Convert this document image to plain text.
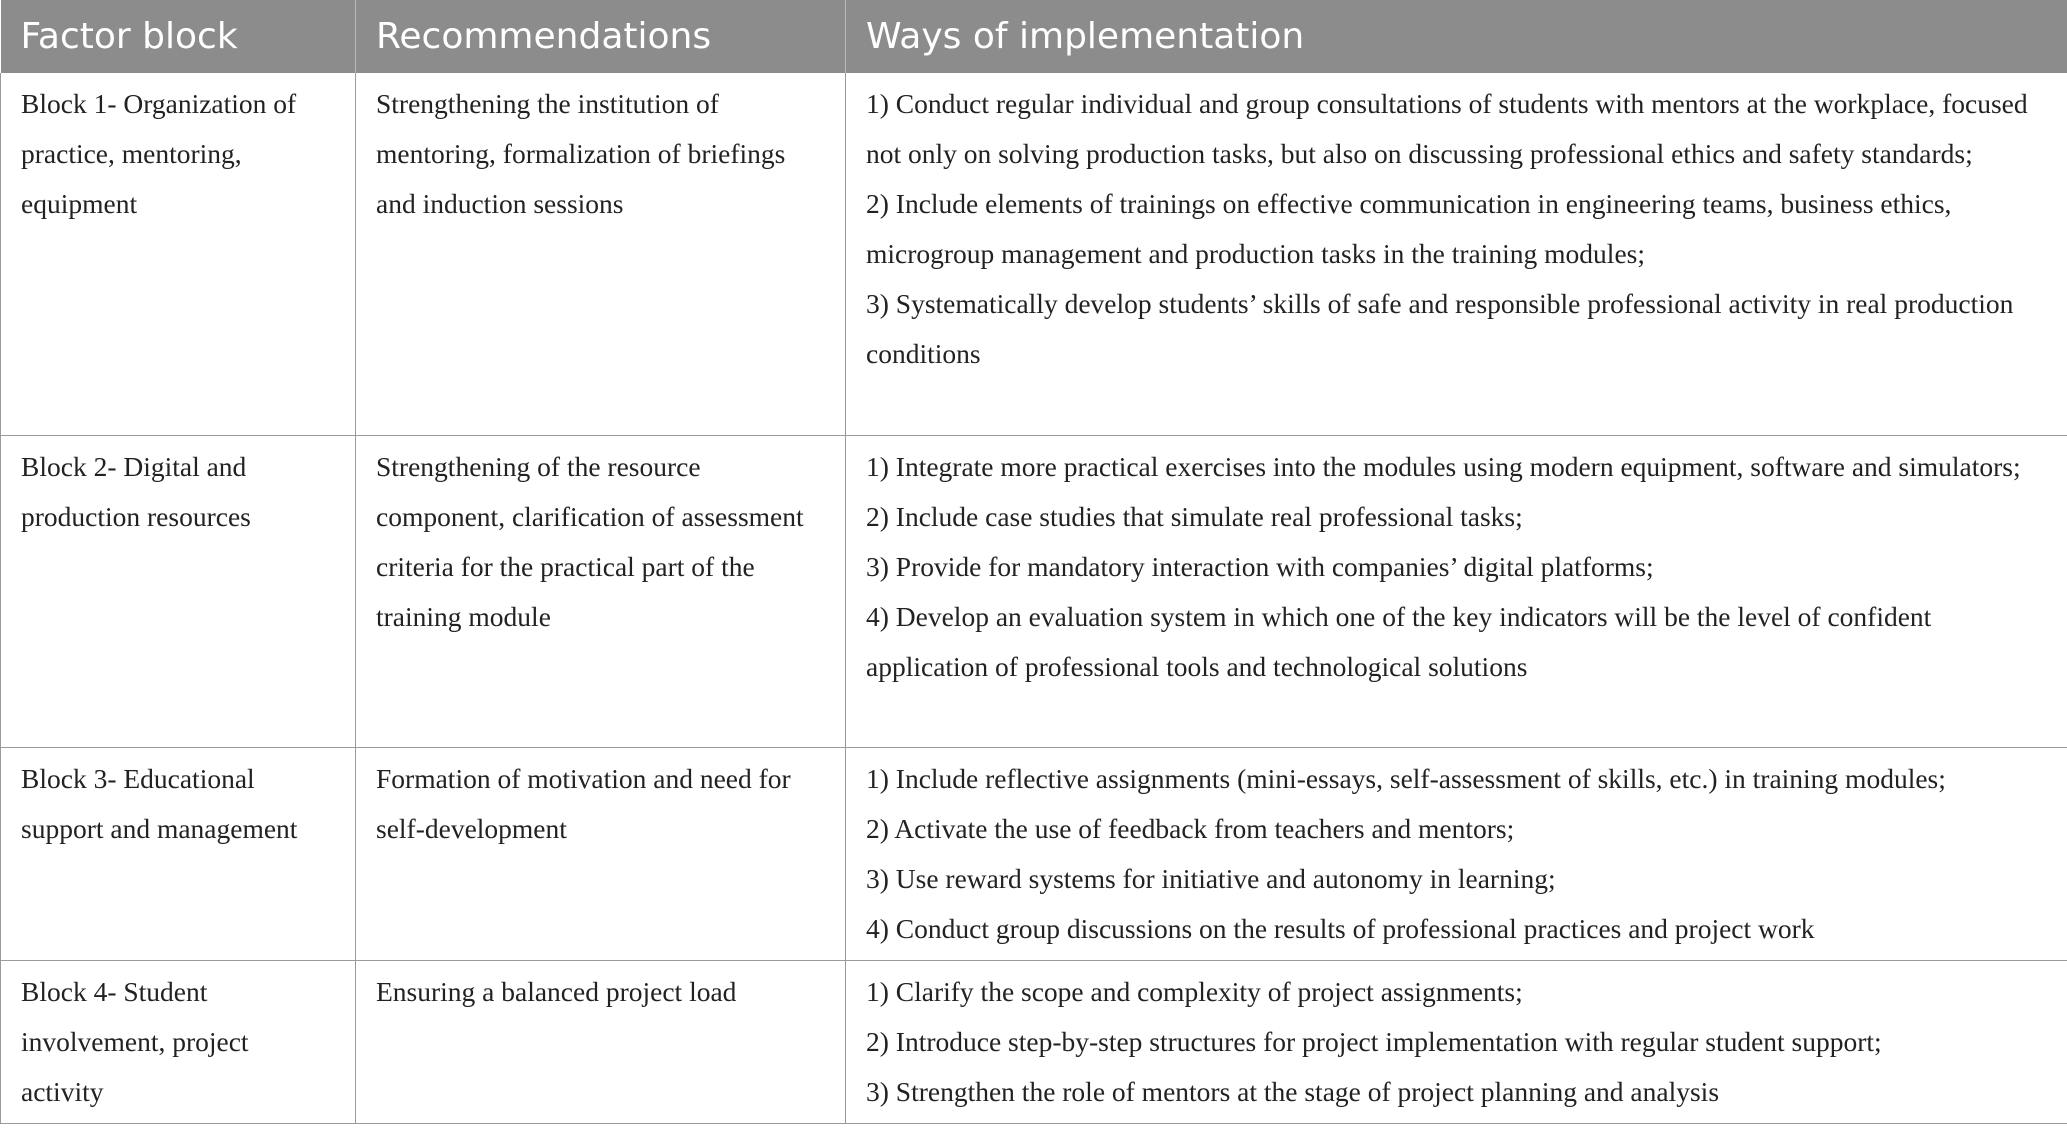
Factor block	Recommendations	Ways of implementation
Block 1- Organization of practice, mentoring, equipment	Strengthening the institution of mentoring, formalization of briefings and induction sessions	1) Conduct regular individual and group consultations of students with mentors at the workplace, focused not only on solving production tasks, but also on discussing professional ethics and safety standards;
2) Include elements of trainings on effective communication in engineering teams, business ethics, microgroup management and production tasks in the training modules;
3) Systematically develop students’ skills of safe and responsible professional activity in real production conditions

Block 2- Digital and production resources	Strengthening of the resource component, clarification of assessment criteria for the practical part of the training module	1) Integrate more practical exercises into the modules using modern equipment, software and simulators;
2) Include case studies that simulate real professional tasks;
3) Provide for mandatory interaction with companies’ digital platforms;
4) Develop an evaluation system in which one of the key indicators will be the level of confident application of professional tools and technological solutions

Block 3- Educational support and management	Formation of motivation and need for self-development	1) Include reflective assignments (mini-essays, self-assessment of skills, etc.) in training modules;
2) Activate the use of feedback from teachers and mentors;
3) Use reward systems for initiative and autonomy in learning;
4) Conduct group discussions on the results of professional practices and project work

Block 4- Student involvement, project activity	Ensuring a balanced project load	1) Clarify the scope and complexity of project assignments;
2) Introduce step-by-step structures for project implementation with regular student support;
3) Strengthen the role of mentors at the stage of project planning and analysis
